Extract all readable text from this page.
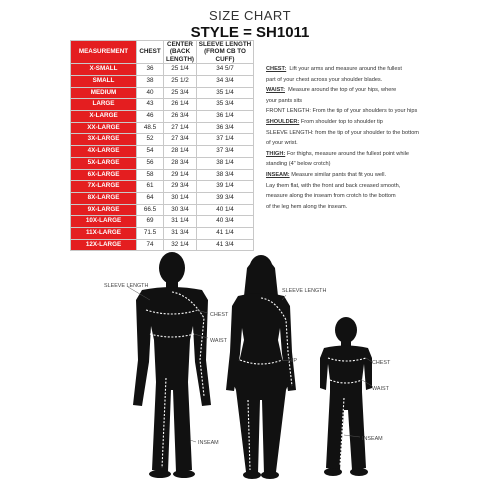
SIZE CHART
STYLE = SH1011
MEASUREMENT	CHEST	CENTER (BACK LENGTH)	SLEEVE LENGTH (FROM CB TO CUFF)
X-SMALL	36	25 1/4	34 5/7
SMALL	38	25 1/2	34 3/4
MEDIUM	40	25 3/4	35 1/4
LARGE	43	26 1/4	35 3/4
X-LARGE	46	26 3/4	36 1/4
XX-LARGE	48.5	27 1/4	36 3/4
3X-LARGE	52	27 3/4	37 1/4
4X-LARGE	54	28 1/4	37 3/4
5X-LARGE	56	28 3/4	38 1/4
6X-LARGE	58	29 1/4	38 3/4
7X-LARGE	61	29 3/4	39 1/4
8X-LARGE	64	30 1/4	39 3/4
9X-LARGE	66.5	30 3/4	40 1/4
10X-LARGE	69	31 1/4	40 3/4
11X-LARGE	71.5	31 3/4	41 1/4
12X-LARGE	74	32 1/4	41 3/4
CHEST: Lift your arms and measure around the fullest
part of your chest across your shoulder blades.
WAIST: Measure around the top of your hips, where
your pants sits
FRONT LENGTH: From the tip of your shoulders to your hips
SHOULDER: From shoulder top to shoulder tip
SLEEVE LENGTH: from the tip of your shoulder to the bottom
of your wrist.
THIGH: For thighs, measure around the fullest point while
standing (4" below crotch)
INSEAM: Measure similar pants that fit you well.
Lay them flat, with the front and back creased smooth,
measure along the inseam from crotch to the bottom
of the leg hem along the inseam.
SLEEVE LENGTH
CHEST
WAIST
INSEAM
SLEEVE LENGTH
HIP	CHEST
WAIST
INSEAM
